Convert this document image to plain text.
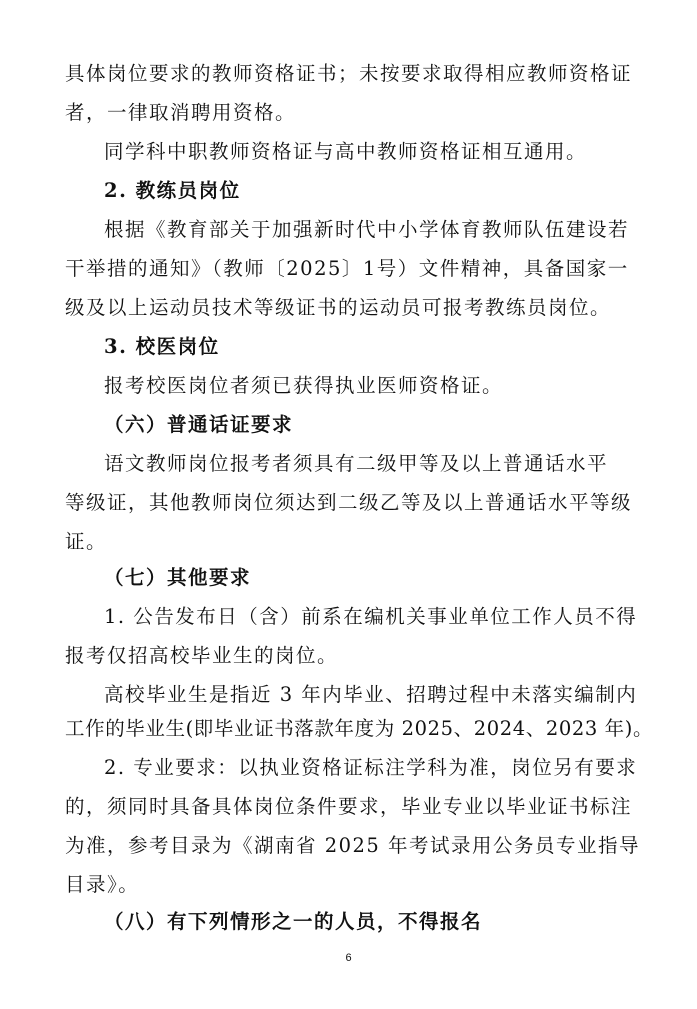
具体岗位要求的教师资格证书；未按要求取得相应教师资格证
者，一律取消聘用资格。
同学科中职教师资格证与高中教师资格证相互通用。
2. 教练员岗位
根据《教育部关于加强新时代中小学体育教师队伍建设若
干举措的通知》（教师〔2025〕1号）文件精神，具备国家一
级及以上运动员技术等级证书的运动员可报考教练员岗位。
3. 校医岗位
报考校医岗位者须已获得执业医师资格证。
（六）普通话证要求
语文教师岗位报考者须具有二级甲等及以上普通话水平
等级证，其他教师岗位须达到二级乙等及以上普通话水平等级
证。
（七）其他要求
1. 公告发布日（含）前系在编机关事业单位工作人员不得
报考仅招高校毕业生的岗位。
高校毕业生是指近 3 年内毕业、招聘过程中未落实编制内
工作的毕业生(即毕业证书落款年度为 2025、2024、2023 年)。
2. 专业要求：以执业资格证标注学科为准，岗位另有要求
的，须同时具备具体岗位条件要求，毕业专业以毕业证书标注
为准，参考目录为《湖南省 2025 年考试录用公务员专业指导
目录》。
（八）有下列情形之一的人员，不得报名
6
